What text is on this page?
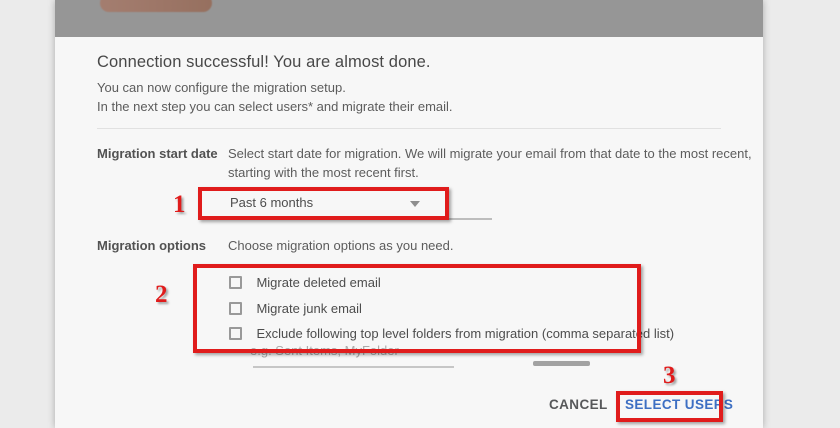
Connection successful! You are almost done.
You can now configure the migration setup.
In the next step you can select users* and migrate their email.
Migration start date Select start date for migration. We will migrate your email from that date to the most recent,
starting with the most recent first.
Past 6 months
Migration options Choose migration options as you need.
Migrate deleted email
Migrate junk email
Exclude following top level folders from migration (comma separated list)
e.g. Sent Items, MyFolder
CANCEL SELECT USERS
1
2
3
